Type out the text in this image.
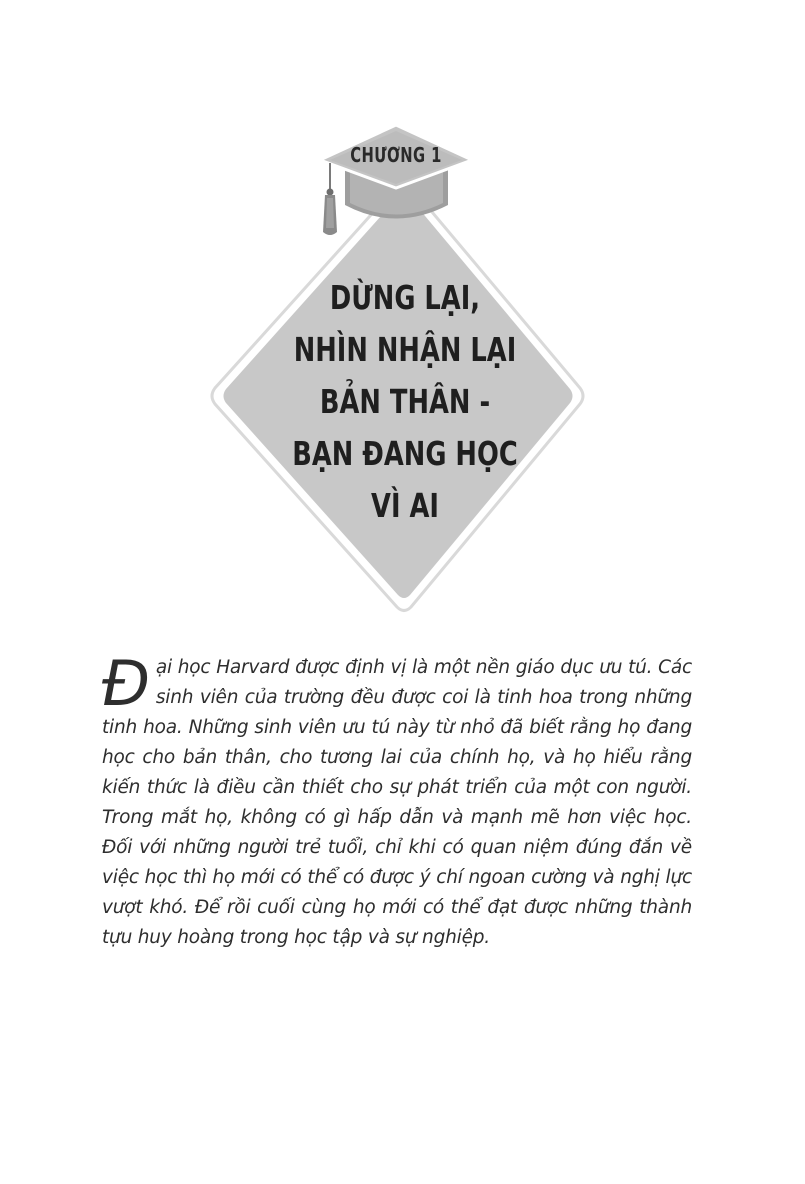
CHƯƠNG 1
DỪNG LẠI,
NHÌN NHẬN LẠI
BẢN THÂN -
BẠN ĐANG HỌC
VÌ AI
Đại học Harvard được định vị là một nền giáo dục ưu tú. Các sinh viên của trường đều được coi là tinh hoa trong những tinh hoa. Những sinh viên ưu tú này từ nhỏ đã biết rằng họ đang học cho bản thân, cho tương lai của chính họ, và họ hiểu rằng kiến thức là điều cần thiết cho sự phát triển của một con người. Trong mắt họ, không có gì hấp dẫn và mạnh mẽ hơn việc học. Đối với những người trẻ tuổi, chỉ khi có quan niệm đúng đắn về việc học thì họ mới có thể có được ý chí ngoan cường và nghị lực vượt khó. Để rồi cuối cùng họ mới có thể đạt được những thành tựu huy hoàng trong học tập và sự nghiệp.
